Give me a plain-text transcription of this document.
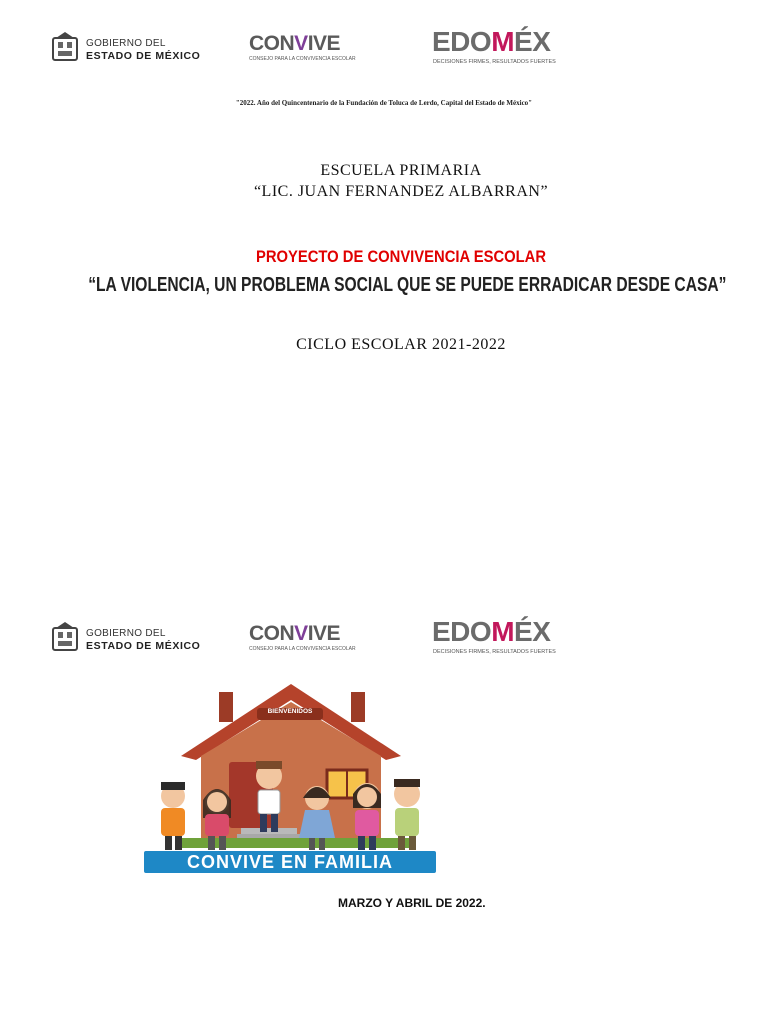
GOBIERNO DEL
ESTADO DE MÉXICO
CONVIVE
CONSEJO PARA LA CONVIVENCIA ESCOLAR
EDOMÉX
DECISIONES FIRMES, RESULTADOS FUERTES
"2022. Año del Quincentenario de la Fundación de Toluca de Lerdo, Capital del Estado de México"
ESCUELA PRIMARIA
“LIC. JUAN FERNANDEZ ALBARRAN”
PROYECTO DE CONVIVENCIA ESCOLAR
“LA VIOLENCIA, UN PROBLEMA SOCIAL QUE SE PUEDE ERRADICAR DESDE CASA”
CICLO ESCOLAR 2021-2022
GOBIERNO DEL
ESTADO DE MÉXICO
CONVIVE
CONSEJO PARA LA CONVIVENCIA ESCOLAR
EDOMÉX
DECISIONES FIRMES, RESULTADOS FUERTES
BIENVENIDOS
CONVIVE EN FAMILIA
MARZO Y ABRIL DE 2022.
